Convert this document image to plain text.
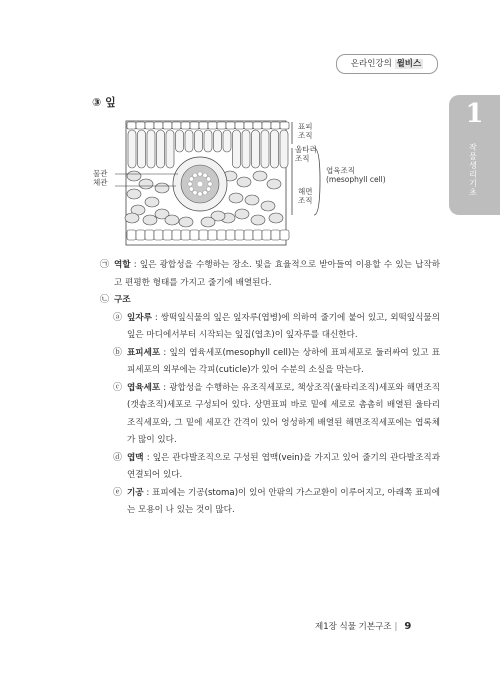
온라인강의 윌비스
1
작물 생리 기초
③ 잎
표피
조직
울타리
조직
해면
조직
엽육조직
(mesophyll cell)
물관
체관
㉠ 역할 : 잎은 광합성을 수행하는 장소. 빛을 효율적으로 받아들여 이용할 수 있는 납작하고 편평한 형태를 가지고 줄기에 배열된다.

㉡ 구조

ⓐ 잎자루 : 쌍떡잎식물의 잎은 잎자루(엽병)에 의하여 줄기에 붙어 있고, 외떡잎식물의 잎은 마디에서부터 시작되는 잎집(엽초)이 잎자루를 대신한다.

ⓑ 표피세포 : 잎의 엽육세포(mesophyll cell)는 상하에 표피세포로 둘러싸여 있고 표피세포의 외부에는 각피(cuticle)가 있어 수분의 소실을 막는다.

ⓒ 엽육세포 : 광합성을 수행하는 유조직세포로, 책상조직(울타리조직)세포와 해면조직(갯솜조직)세포로 구성되어 있다. 상면표피 바로 밑에 세로로 촘촘히 배열된 울타리조직세포와, 그 밑에 세포간 간격이 있어 엉성하게 배열된 해면조직세포에는 엽록체가 많이 있다.

ⓓ 엽맥 : 잎은 관다발조직으로 구성된 엽맥(vein)을 가지고 있어 줄기의 관다발조직과 연결되어 있다.

ⓔ 기공 : 표피에는 기공(stoma)이 있어 안팎의 가스교환이 이루어지고, 아래쪽 표피에는 모용이 나 있는 것이 많다.

제1장 식물 기본구조 | 9
